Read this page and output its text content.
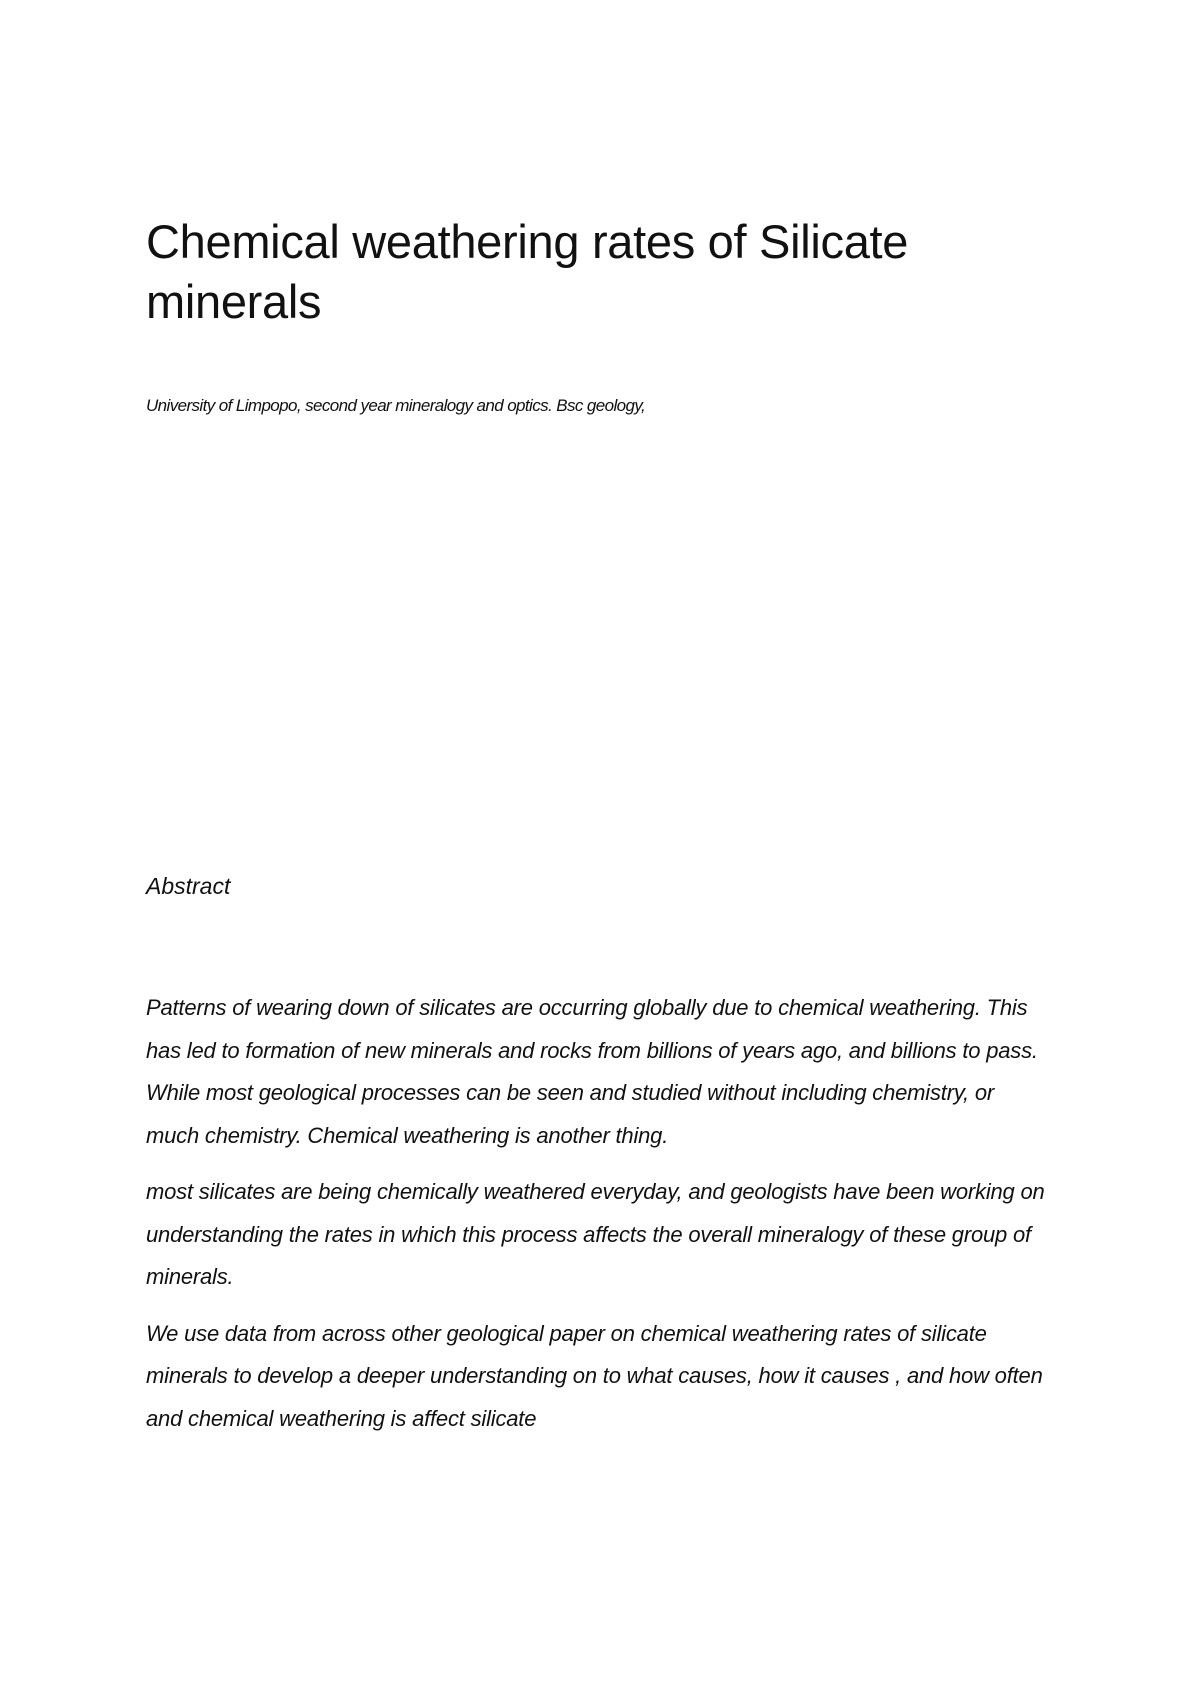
Chemical weathering rates of Silicate minerals

University of Limpopo, second year mineralogy and optics. Bsc geology,

Abstract

Patterns of wearing down of silicates are occurring globally due to chemical weathering. This has led to formation of new minerals and rocks from billions of years ago, and billions to pass. While most geological processes can be seen and studied without including chemistry, or much chemistry. Chemical weathering is another thing.

most silicates are being chemically weathered everyday, and geologists have been working on understanding the rates in which this process affects the overall mineralogy of these group of minerals.

We use data from across other geological paper on chemical weathering rates of silicate minerals to develop a deeper understanding on to what causes, how it causes , and how often and chemical weathering is affect silicate
